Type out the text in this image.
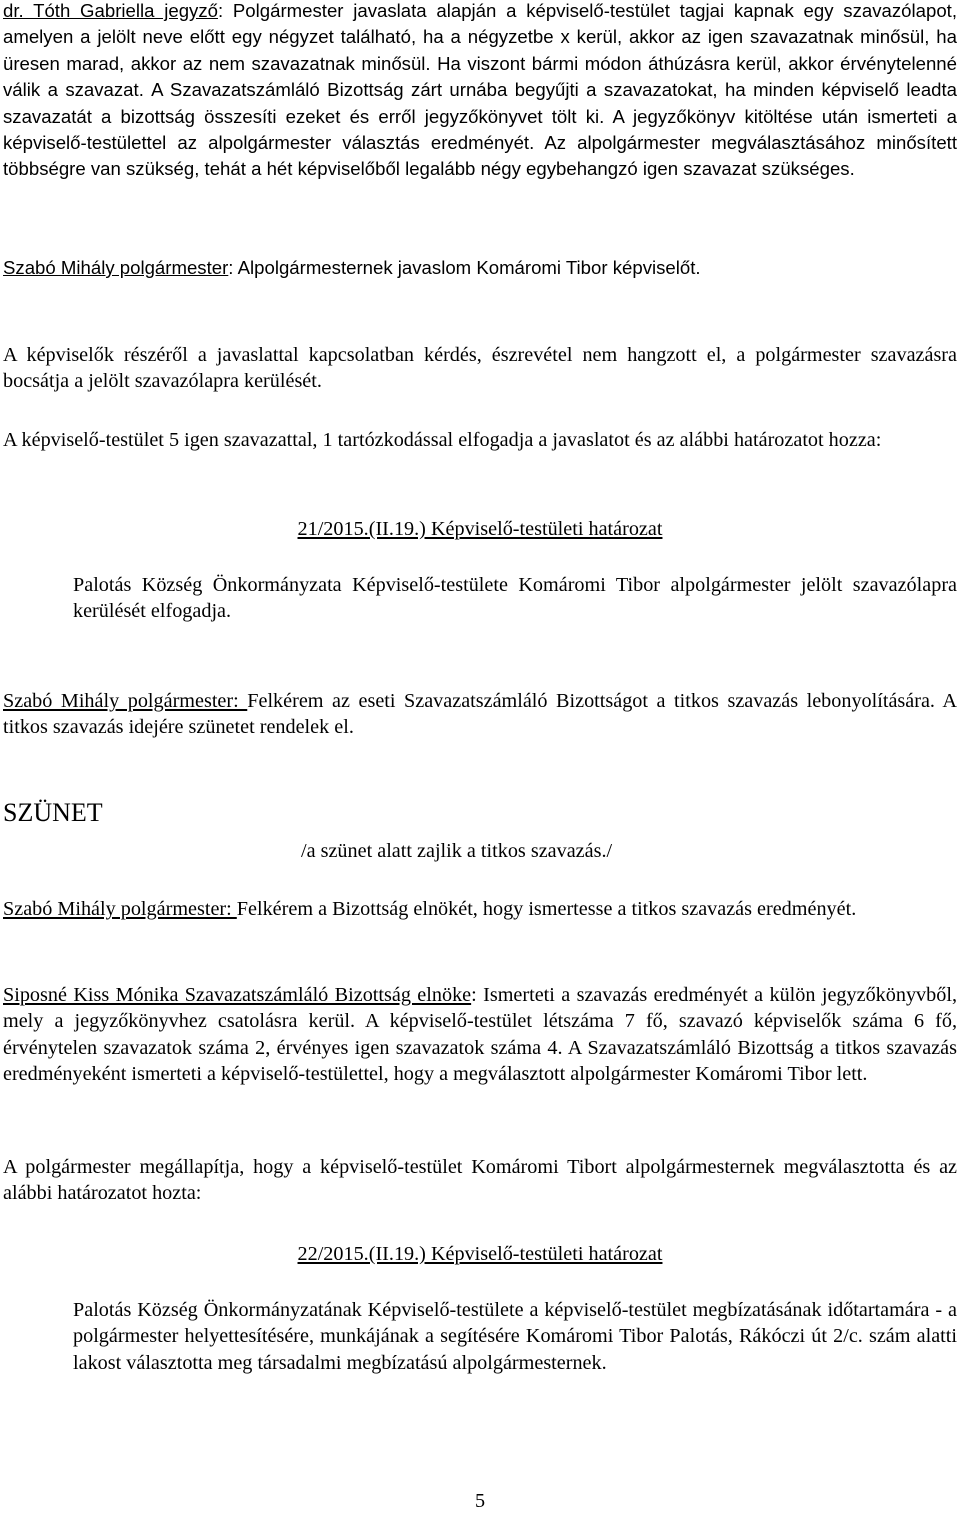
dr. Tóth Gabriella jegyző: Polgármester javaslata alapján a képviselő-testület tagjai kapnak egy szavazólapot, amelyen a jelölt neve előtt egy négyzet található, ha a négyzetbe x kerül, akkor az igen szavazatnak minősül, ha üresen marad, akkor az nem szavazatnak minősül. Ha viszont bármi módon áthúzásra kerül, akkor érvénytelenné válik a szavazat. A Szavazatszámláló Bizottság zárt urnába begyűjti a szavazatokat, ha minden képviselő leadta szavazatát a bizottság összesíti ezeket és erről jegyzőkönyvet tölt ki. A jegyzőkönyv kitöltése után ismerteti a képviselő-testülettel az alpolgármester választás eredményét. Az alpolgármester megválasztásához minősített többségre van szükség, tehát a hét képviselőből legalább négy egybehangzó igen szavazat szükséges.

Szabó Mihály polgármester: Alpolgármesternek javaslom Komáromi Tibor képviselőt.

A képviselők részéről a javaslattal kapcsolatban kérdés, észrevétel nem hangzott el, a polgármester szavazásra bocsátja a jelölt szavazólapra kerülését.

A képviselő-testület 5 igen szavazattal, 1 tartózkodással elfogadja a javaslatot és az alábbi határozatot hozza:

21/2015.(II.19.) Képviselő-testületi határozat

Palotás Község Önkormányzata Képviselő-testülete Komáromi Tibor alpolgármester jelölt szavazólapra kerülését elfogadja.

Szabó Mihály polgármester: Felkérem az eseti Szavazatszámláló Bizottságot a titkos szavazás lebonyolítására. A titkos szavazás idejére szünetet rendelek el.

SZÜNET

/a szünet alatt zajlik a titkos szavazás./

Szabó Mihály polgármester: Felkérem a Bizottság elnökét, hogy ismertesse a titkos szavazás eredményét.

Siposné Kiss Mónika Szavazatszámláló Bizottság elnöke: Ismerteti a szavazás eredményét a külön jegyzőkönyvből, mely a jegyzőkönyvhez csatolásra kerül. A képviselő-testület létszáma 7 fő, szavazó képviselők száma 6 fő, érvénytelen szavazatok száma 2, érvényes igen szavazatok száma 4. A Szavazatszámláló Bizottság a titkos szavazás eredményeként ismerteti a képviselő-testülettel, hogy a megválasztott alpolgármester Komáromi Tibor lett.

A polgármester megállapítja, hogy a képviselő-testület Komáromi Tibort alpolgármesternek megválasztotta és az alábbi határozatot hozta:

22/2015.(II.19.) Képviselő-testületi határozat

Palotás Község Önkormányzatának Képviselő-testülete a képviselő-testület megbízatásának időtartamára - a polgármester helyettesítésére, munkájának a segítésére Komáromi Tibor Palotás, Rákóczi út 2/c. szám alatti lakost választotta meg társadalmi megbízatású alpolgármesternek.

5
